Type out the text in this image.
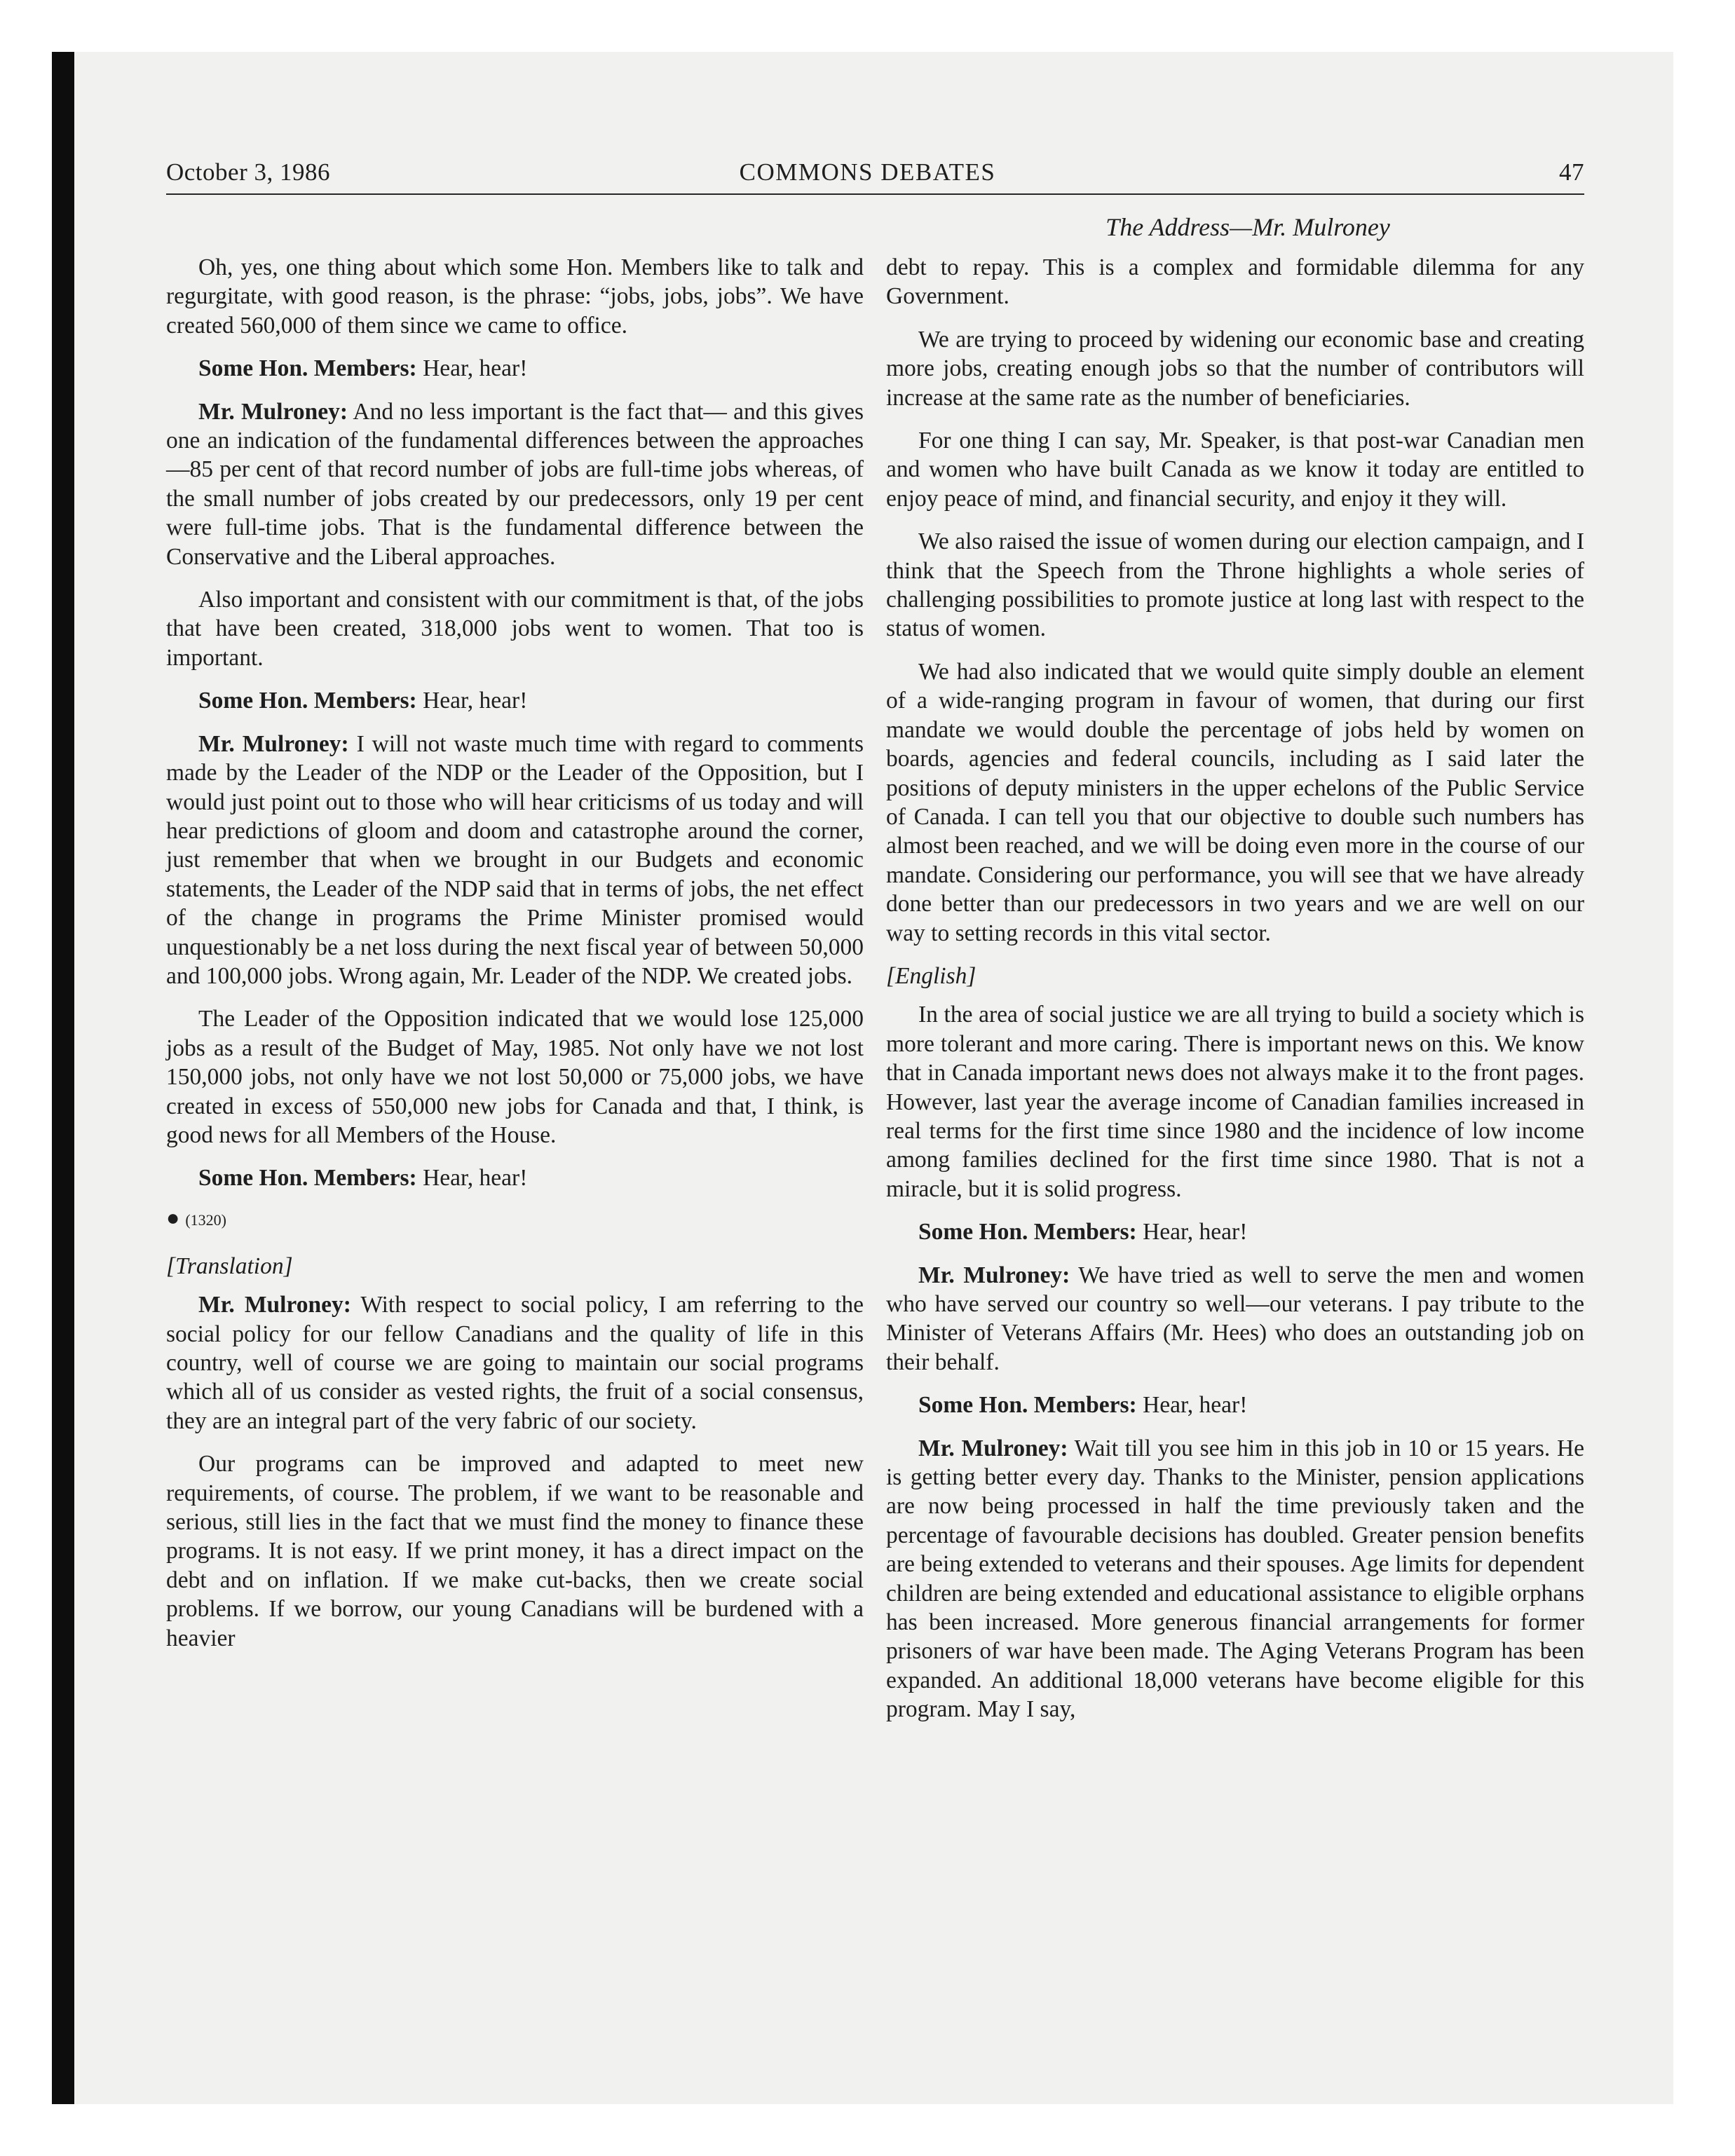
October 3, 1986	COMMONS DEBATES	47
The Address—Mr. Mulroney

Oh, yes, one thing about which some Hon. Members like to talk and regurgitate, with good reason, is the phrase: “jobs, jobs, jobs”. We have created 560,000 of them since we came to office.

Some Hon. Members: Hear, hear!

Mr. Mulroney: And no less important is the fact that— and this gives one an indication of the fundamental differences between the approaches—85 per cent of that record number of jobs are full-time jobs whereas, of the small number of jobs created by our predecessors, only 19 per cent were full-time jobs. That is the fundamental difference between the Conservative and the Liberal approaches.

Also important and consistent with our commitment is that, of the jobs that have been created, 318,000 jobs went to women. That too is important.

Some Hon. Members: Hear, hear!

Mr. Mulroney: I will not waste much time with regard to comments made by the Leader of the NDP or the Leader of the Opposition, but I would just point out to those who will hear criticisms of us today and will hear predictions of gloom and doom and catastrophe around the corner, just remember that when we brought in our Budgets and economic statements, the Leader of the NDP said that in terms of jobs, the net effect of the change in programs the Prime Minister promised would unquestionably be a net loss during the next fiscal year of between 50,000 and 100,000 jobs. Wrong again, Mr. Leader of the NDP. We created jobs.

The Leader of the Opposition indicated that we would lose 125,000 jobs as a result of the Budget of May, 1985. Not only have we not lost 150,000 jobs, not only have we not lost 50,000 or 75,000 jobs, we have created in excess of 550,000 new jobs for Canada and that, I think, is good news for all Members of the House.

Some Hon. Members: Hear, hear!

● (1320)

[Translation]

Mr. Mulroney: With respect to social policy, I am referring to the social policy for our fellow Canadians and the quality of life in this country, well of course we are going to maintain our social programs which all of us consider as vested rights, the fruit of a social consensus, they are an integral part of the very fabric of our society.

Our programs can be improved and adapted to meet new requirements, of course. The problem, if we want to be reasonable and serious, still lies in the fact that we must find the money to finance these programs. It is not easy. If we print money, it has a direct impact on the debt and on inflation. If we make cut-backs, then we create social problems. If we borrow, our young Canadians will be burdened with a heavier

debt to repay. This is a complex and formidable dilemma for any Government.

We are trying to proceed by widening our economic base and creating more jobs, creating enough jobs so that the number of contributors will increase at the same rate as the number of beneficiaries.

For one thing I can say, Mr. Speaker, is that post-war Canadian men and women who have built Canada as we know it today are entitled to enjoy peace of mind, and financial security, and enjoy it they will.

We also raised the issue of women during our election campaign, and I think that the Speech from the Throne highlights a whole series of challenging possibilities to promote justice at long last with respect to the status of women.

We had also indicated that we would quite simply double an element of a wide-ranging program in favour of women, that during our first mandate we would double the percentage of jobs held by women on boards, agencies and federal councils, including as I said later the positions of deputy ministers in the upper echelons of the Public Service of Canada. I can tell you that our objective to double such numbers has almost been reached, and we will be doing even more in the course of our mandate. Considering our performance, you will see that we have already done better than our predecessors in two years and we are well on our way to setting records in this vital sector.

[English]

In the area of social justice we are all trying to build a society which is more tolerant and more caring. There is important news on this. We know that in Canada important news does not always make it to the front pages. However, last year the average income of Canadian families increased in real terms for the first time since 1980 and the incidence of low income among families declined for the first time since 1980. That is not a miracle, but it is solid progress.

Some Hon. Members: Hear, hear!

Mr. Mulroney: We have tried as well to serve the men and women who have served our country so well—our veterans. I pay tribute to the Minister of Veterans Affairs (Mr. Hees) who does an outstanding job on their behalf.

Some Hon. Members: Hear, hear!

Mr. Mulroney: Wait till you see him in this job in 10 or 15 years. He is getting better every day. Thanks to the Minister, pension applications are now being processed in half the time previously taken and the percentage of favourable decisions has doubled. Greater pension benefits are being extended to veterans and their spouses. Age limits for dependent children are being extended and educational assistance to eligible orphans has been increased. More generous financial arrangements for former prisoners of war have been made. The Aging Veterans Program has been expanded. An additional 18,000 veterans have become eligible for this program. May I say,
